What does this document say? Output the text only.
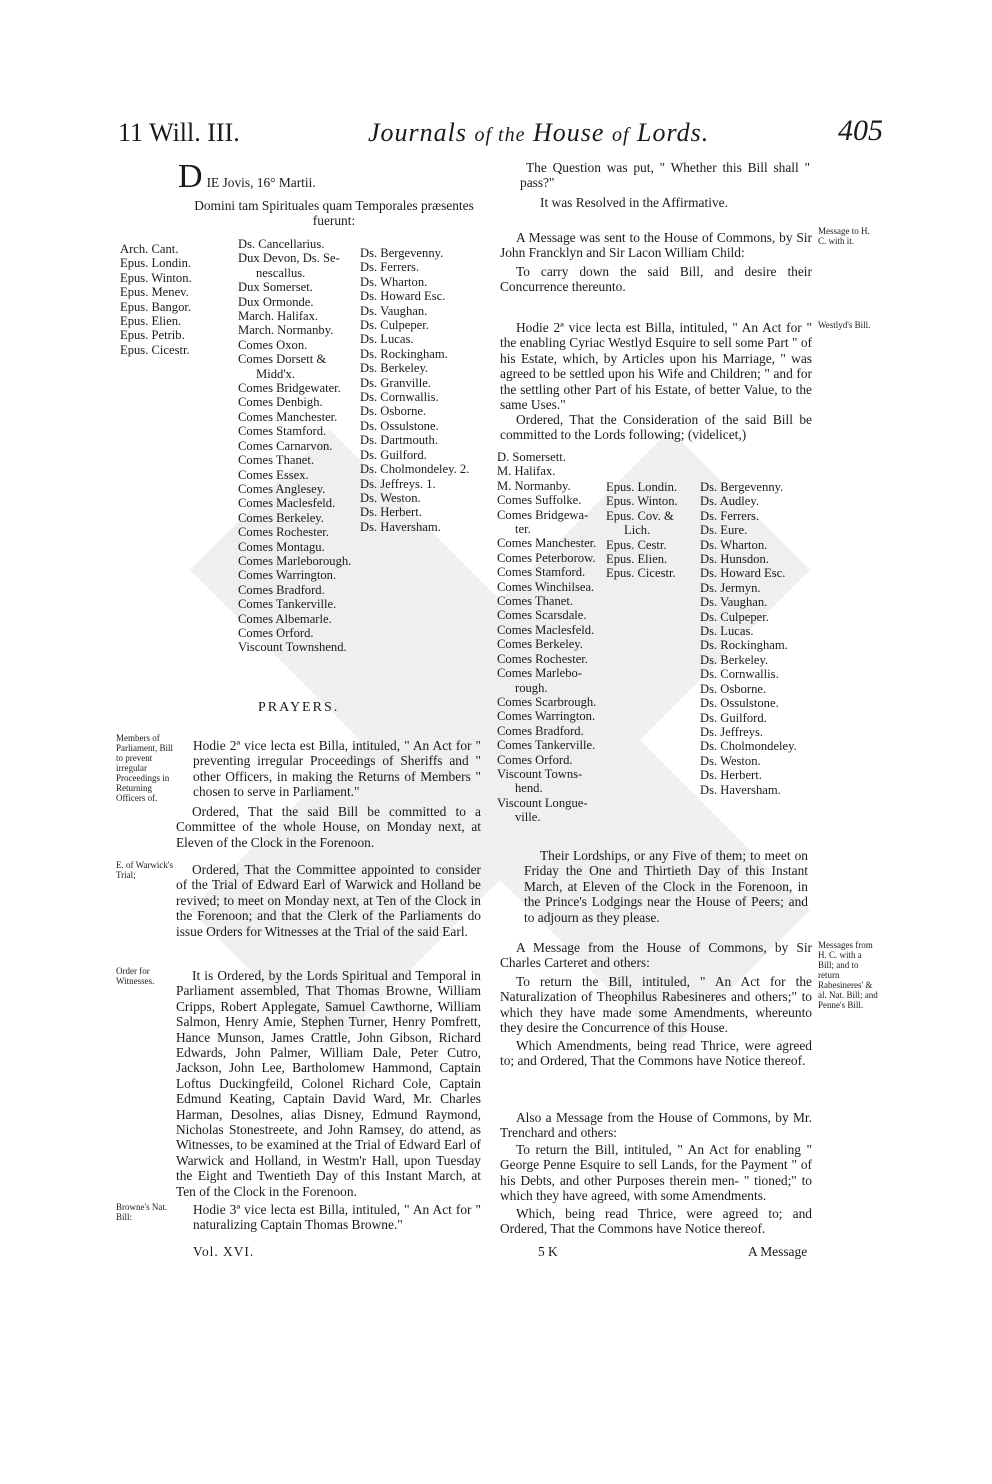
11 Will. III.	Journals of the House of Lords.	405
D IE Jovis, 16° Martii.
Domini tam Spirituales quam Temporales præsentes fuerunt:
Arch. Cant.
Epus. Londin.
Epus. Winton.
Epus. Menev.
Epus. Bangor.
Epus. Elien.
Epus. Petrib.
Epus. Cicestr.
Ds. Cancellarius.
Dux Devon, Ds. Se-
nescallus.
Dux Somerset.
Dux Ormonde.
March. Halifax.
March. Normanby.
Comes Oxon.
Comes Dorsett &
Midd'x.
Comes Bridgewater.
Comes Denbigh.
Comes Manchester.
Comes Stamford.
Comes Carnarvon.
Comes Thanet.
Comes Essex.
Comes Anglesey.
Comes Maclesfeld.
Comes Berkeley.
Comes Rochester.
Comes Montagu.
Comes Marleborough.
Comes Warrington.
Comes Bradford.
Comes Tankerville.
Comes Albemarle.
Comes Orford.
Viscount Townshend.
Ds. Bergevenny.
Ds. Ferrers.
Ds. Wharton.
Ds. Howard Esc.
Ds. Vaughan.
Ds. Culpeper.
Ds. Lucas.
Ds. Rockingham.
Ds. Berkeley.
Ds. Granville.
Ds. Cornwallis.
Ds. Osborne.
Ds. Ossulstone.
Ds. Dartmouth.
Ds. Guilford.
Ds. Cholmondeley. 2.
Ds. Jeffreys. 1.
Ds. Weston.
Ds. Herbert.
Ds. Haversham.
PRAYERS.
Members of Parliament, Bill to prevent irregular Proceedings in Returning Officers of.
Hodie 2ª vice lecta est Billa, intituled, " An Act for " preventing irregular Proceedings of Sheriffs and " other Officers, in making the Returns of Members " chosen to serve in Parliament."
Ordered, That the said Bill be committed to a Committee of the whole House, on Monday next, at Eleven of the Clock in the Forenoon.
E. of Warwick's Trial;	Ordered, That the Committee appointed to consider of the Trial of Edward Earl of Warwick and Holland be revived; to meet on Monday next, at Ten of the Clock in the Forenoon; and that the Clerk of the Parliaments do issue Orders for Witnesses at the Trial of the said Earl.
Order for Witnesses.	It is Ordered, by the Lords Spiritual and Temporal in Parliament assembled, That Thomas Browne, William Cripps, Robert Applegate, Samuel Cawthorne, William Salmon, Henry Amie, Stephen Turner, Henry Pomfrett, Hance Munson, James Crattle, John Gibson, Richard Edwards, John Palmer, William Dale, Peter Cutro, Jackson, John Lee, Bartholomew Hammond, Captain Loftus Duckingfeild, Colonel Richard Cole, Captain Edmund Keating, Captain David Ward, Mr. Charles Harman, Desolnes, alias Disney, Edmund Raymond, Nicholas Stonestreete, and John Ramsey, do attend, as Witnesses, to be examined at the Trial of Edward Earl of Warwick and Holland, in Westm'r Hall, upon Tuesday the Eight and Twentieth Day of this Instant March, at Ten of the Clock in the Forenoon.
Browne's Nat. Bill:	Hodie 3ª vice lecta est Billa, intituled, " An Act for " naturalizing Captain Thomas Browne."
Vol. XVI.
The Question was put, " Whether this Bill shall " pass?"
It was Resolved in the Affirmative.
Message to H. C. with it.
A Message was sent to the House of Commons, by Sir John Francklyn and Sir Lacon William Child:
To carry down the said Bill, and desire their Concurrence thereunto.
Westlyd's Bill.
Hodie 2ª vice lecta est Billa, intituled, " An Act for " the enabling Cyriac Westlyd Esquire to sell some Part " of his Estate, which, by Articles upon his Marriage, " was agreed to be settled upon his Wife and Children; " and for the settling other Part of his Estate, of better Value, to the same Uses."
Ordered, That the Consideration of the said Bill be committed to the Lords following; (videlicet,)
D. Somersett.
M. Halifax.
M. Normanby.
Comes Suffolke.
Comes Bridgewa-
ter.
Comes Manchester.
Comes Peterborow.
Comes Stamford.
Comes Winchilsea.
Comes Thanet.
Comes Scarsdale.
Comes Maclesfeld.
Comes Berkeley.
Comes Rochester.
Comes Marlebo-
rough.
Comes Scarbrough.
Comes Warrington.
Comes Bradford.
Comes Tankerville.
Comes Orford.
Viscount Towns-
hend.
Viscount Longue-
ville.
Epus. Londin.
Epus. Winton.
Epus. Cov. &
Lich.
Epus. Cestr.
Epus. Elien.
Epus. Cicestr.
Ds. Bergevenny.
Ds. Audley.
Ds. Ferrers.
Ds. Eure.
Ds. Wharton.
Ds. Hunsdon.
Ds. Howard Esc.
Ds. Jermyn.
Ds. Vaughan.
Ds. Culpeper.
Ds. Lucas.
Ds. Rockingham.
Ds. Berkeley.
Ds. Cornwallis.
Ds. Osborne.
Ds. Ossulstone.
Ds. Guilford.
Ds. Jeffreys.
Ds. Cholmondeley.
Ds. Weston.
Ds. Herbert.
Ds. Haversham.
Their Lordships, or any Five of them; to meet on Friday the One and Thirtieth Day of this Instant March, at Eleven of the Clock in the Forenoon, in the Prince's Lodgings near the House of Peers; and to adjourn as they please.
Messages from H. C. with a Bill; and to return Rabesineres' & al. Nat. Bill; and Penne's Bill.
A Message from the House of Commons, by Sir Charles Carteret and others:
To return the Bill, intituled, " An Act for the Naturalization of Theophilus Rabesineres and others;" to which they have made some Amendments, whereunto they desire the Concurrence of this House.
Which Amendments, being read Thrice, were agreed to; and Ordered, That the Commons have Notice thereof.
Also a Message from the House of Commons, by Mr. Trenchard and others:
To return the Bill, intituled, " An Act for enabling " George Penne Esquire to sell Lands, for the Payment " of his Debts, and other Purposes therein men- " tioned;" to which they have agreed, with some Amendments.
Which, being read Thrice, were agreed to; and Ordered, That the Commons have Notice thereof.
5 K	A Message
